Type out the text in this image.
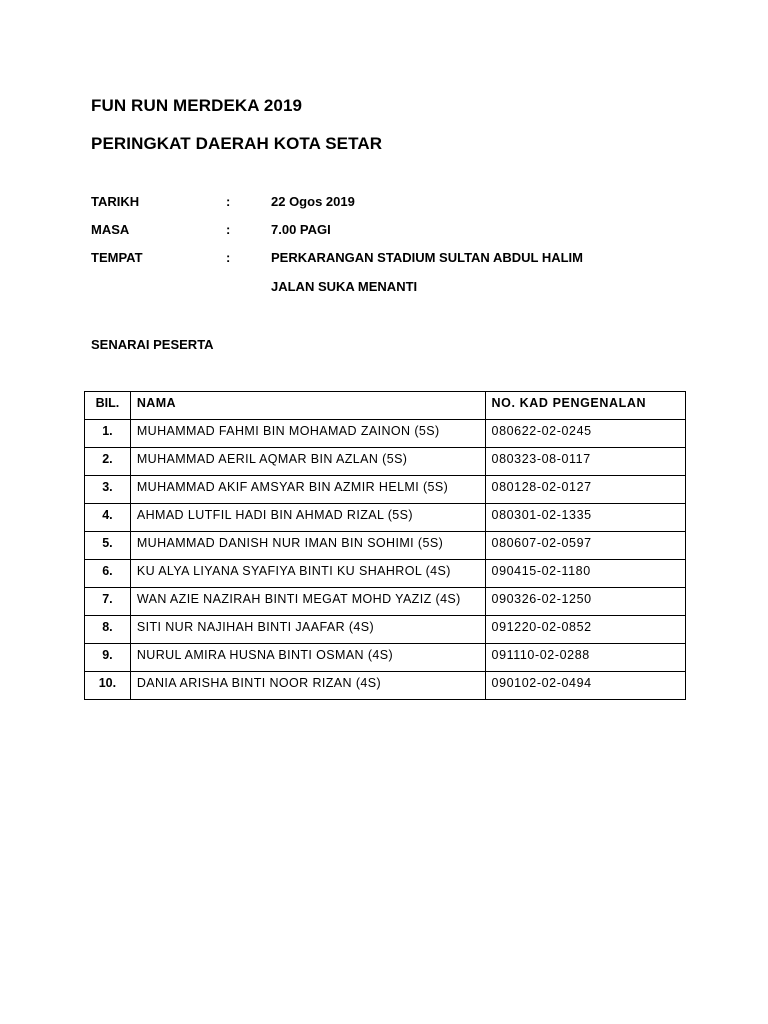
FUN RUN MERDEKA 2019
PERINGKAT DAERAH KOTA SETAR
TARIKH	:	22 Ogos 2019
MASA	:	7.00 PAGI
TEMPAT	:	PERKARANGAN STADIUM SULTAN ABDUL HALIM
JALAN SUKA MENANTI
SENARAI PESERTA
BIL.	NAMA	NO. KAD PENGENALAN
1.	MUHAMMAD FAHMI BIN MOHAMAD ZAINON (5S)	080622-02-0245
2.	MUHAMMAD AERIL AQMAR BIN AZLAN (5S)	080323-08-0117
3.	MUHAMMAD AKIF AMSYAR BIN AZMIR HELMI (5S)	080128-02-0127
4.	AHMAD LUTFIL HADI BIN AHMAD RIZAL (5S)	080301-02-1335
5.	MUHAMMAD DANISH NUR IMAN BIN SOHIMI (5S)	080607-02-0597
6.	KU ALYA LIYANA SYAFIYA BINTI KU SHAHROL (4S)	090415-02-1180
7.	WAN AZIE NAZIRAH BINTI MEGAT MOHD YAZIZ (4S)	090326-02-1250
8.	SITI NUR NAJIHAH BINTI JAAFAR (4S)	091220-02-0852
9.	NURUL AMIRA HUSNA BINTI OSMAN (4S)	091110-02-0288
10.	DANIA ARISHA BINTI NOOR RIZAN (4S)	090102-02-0494
